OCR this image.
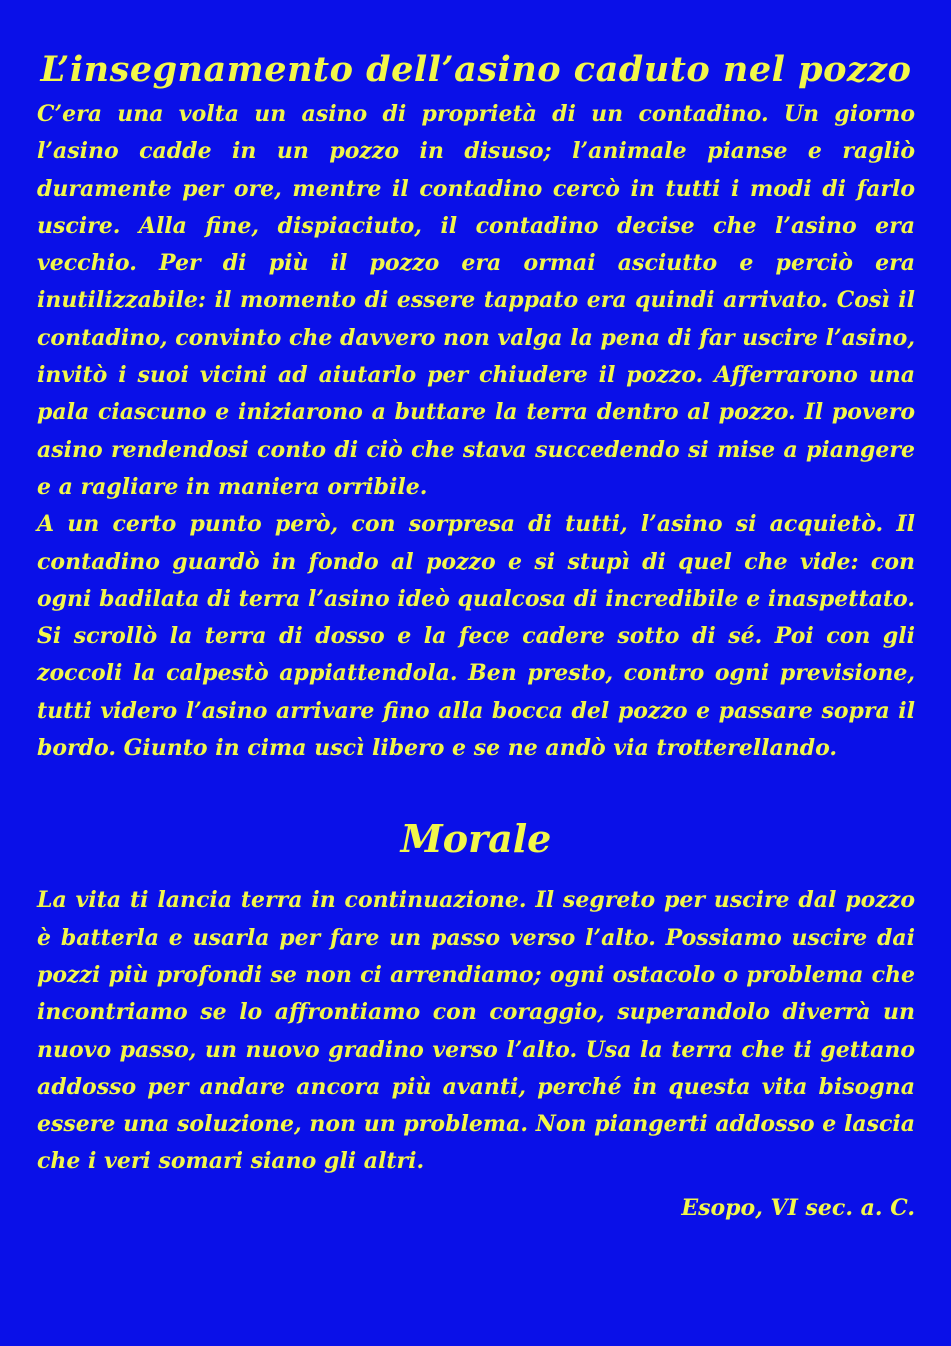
L’insegnamento dell’asino caduto nel pozzo

C’era una volta un asino di proprietà di un contadino. Un giorno l’asino cadde in un pozzo in disuso; l’animale pianse e ragliò duramente per ore, mentre il contadino cercò in tutti i modi di farlo uscire. Alla fine, dispiaciuto, il contadino decise che l’asino era vecchio. Per di più il pozzo era ormai asciutto e perciò era inutilizzabile: il momento di essere tappato era quindi arrivato. Così il contadino, convinto che davvero non valga la pena di far uscire l’asino, invitò i suoi vicini ad aiutarlo per chiudere il pozzo. Afferrarono una pala ciascuno e iniziarono a buttare la terra dentro al pozzo. Il povero asino rendendosi conto di ciò che stava succedendo si mise a piangere e a ragliare in maniera orribile.

A un certo punto però, con sorpresa di tutti, l’asino si acquietò. Il contadino guardò in fondo al pozzo e si stupì di quel che vide: con ogni badilata di terra l’asino ideò qualcosa di incredibile e inaspettato. Si scrollò la terra di dosso e la fece cadere sotto di sé. Poi con gli zoccoli la calpestò appiattendola. Ben presto, contro ogni previsione, tutti videro l’asino arrivare fino alla bocca del pozzo e passare sopra il bordo. Giunto in cima uscì libero e se ne andò via trotterellando.

Morale

La vita ti lancia terra in continuazione. Il segreto per uscire dal pozzo è batterla e usarla per fare un passo verso l’alto. Possiamo uscire dai pozzi più profondi se non ci arrendiamo; ogni ostacolo o problema che incontriamo se lo affrontiamo con coraggio, superandolo diverrà un nuovo passo, un nuovo gradino verso l’alto. Usa la terra che ti gettano addosso per andare ancora più avanti, perché in questa vita bisogna essere una soluzione, non un problema. Non piangerti addosso e lascia che i veri somari siano gli altri.

Esopo, VI sec. a. C.
